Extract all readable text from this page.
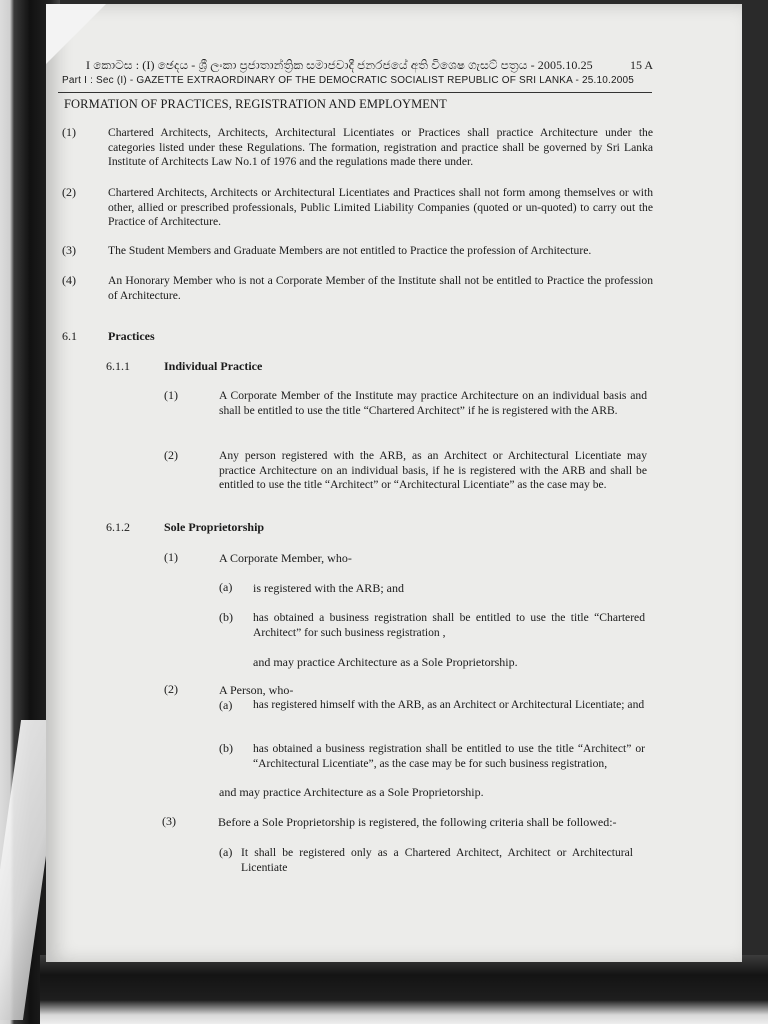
I කොටස : (I) ඡෙදය - ශ්‍රී ලංකා ප්‍රජාතාන්ත්‍රික සමාජවාදී ජනරජයේ අති විශෙෂ ගැසට් පත්‍රය - 2005.10.25	15 A
Part I : Sec (I) - GAZETTE EXTRAORDINARY OF THE DEMOCRATIC SOCIALIST REPUBLIC OF SRI LANKA - 25.10.2005
FORMATION OF PRACTICES, REGISTRATION AND EMPLOYMENT
(1)	Chartered Architects, Architects, Architectural Licentiates or Practices shall practice Architecture under the categories listed under these Regulations. The formation, registration and practice shall be governed by Sri Lanka Institute of Architects Law No.1 of 1976 and the regulations made there under.
(2)	Chartered Architects, Architects or Architectural Licentiates and Practices shall not form among themselves or with other, allied or prescribed professionals, Public Limited Liability Companies (quoted or un-quoted) to carry out the Practice of Architecture.
(3)	The Student Members and Graduate Members are not entitled to Practice the profession of Architecture.
(4)	An Honorary Member who is not a Corporate Member of the Institute shall not be entitled to Practice the profession of Architecture.
6.1	Practices
6.1.1	Individual Practice
(1)	A Corporate Member of the Institute may practice Architecture on an individual basis and shall be entitled to use the title “Chartered Architect” if he is registered with the ARB.
(2)	Any person registered with the ARB, as an Architect or Architectural Licentiate may practice Architecture on an individual basis, if he is registered with the ARB and shall be entitled to use the title “Architect” or “Architectural Licentiate” as the case may be.
6.1.2	Sole Proprietorship
(1)	A Corporate Member, who-
(a) is registered with the ARB; and
(b) has obtained a business registration shall be entitled to use the title “Chartered Architect” for such business registration ,
and may practice Architecture as a Sole Proprietorship.
(2)	A Person, who-
(a) has registered himself with the ARB, as an Architect or Architectural Licentiate; and
(b) has obtained a business registration shall be entitled to use the title “Architect” or “Architectural Licentiate”, as the case may be for such business registration,
and may practice Architecture as a Sole Proprietorship.
(3)	Before a Sole Proprietorship is registered, the following criteria shall be followed:-
(a) It shall be registered only as a Chartered Architect, Architect or Architectural Licentiate
